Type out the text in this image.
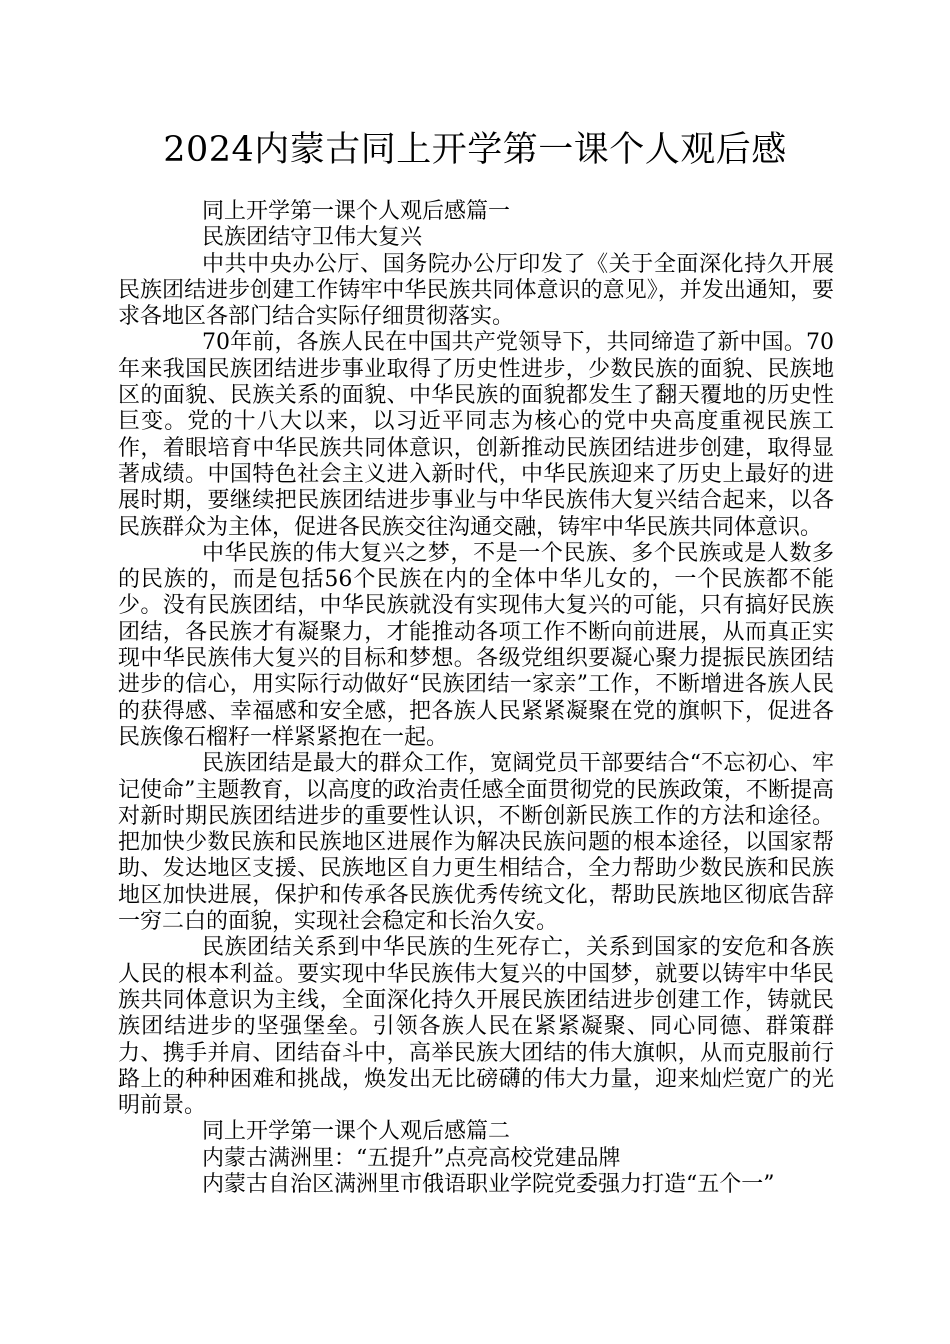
2024内蒙古同上开学第一课个人观后感

同上开学第一课个人观后感篇一

民族团结守卫伟大复兴

中共中央办公厅、国务院办公厅印发了《关于全面深化持久开展民族团结进步创建工作铸牢中华民族共同体意识的意见》，并发出通知，要求各地区各部门结合实际仔细贯彻落实。

70年前，各族人民在中国共产党领导下，共同缔造了新中国。70年来我国民族团结进步事业取得了历史性进步，少数民族的面貌、民族地区的面貌、民族关系的面貌、中华民族的面貌都发生了翻天覆地的历史性巨变。党的十八大以来，以习近平同志为核心的党中央高度重视民族工作，着眼培育中华民族共同体意识，创新推动民族团结进步创建，取得显著成绩。中国特色社会主义进入新时代，中华民族迎来了历史上最好的进展时期，要继续把民族团结进步事业与中华民族伟大复兴结合起来，以各民族群众为主体，促进各民族交往沟通交融，铸牢中华民族共同体意识。

中华民族的伟大复兴之梦，不是一个民族、多个民族或是人数多的民族的，而是包括56个民族在内的全体中华儿女的，一个民族都不能少。没有民族团结，中华民族就没有实现伟大复兴的可能，只有搞好民族团结，各民族才有凝聚力，才能推动各项工作不断向前进展，从而真正实现中华民族伟大复兴的目标和梦想。各级党组织要凝心聚力提振民族团结进步的信心，用实际行动做好“民族团结一家亲”工作，不断增进各族人民的获得感、幸福感和安全感，把各族人民紧紧凝聚在党的旗帜下，促进各民族像石榴籽一样紧紧抱在一起。

民族团结是最大的群众工作，宽阔党员干部要结合“不忘初心、牢记使命”主题教育，以高度的政治责任感全面贯彻党的民族政策，不断提高对新时期民族团结进步的重要性认识，不断创新民族工作的方法和途径。把加快少数民族和民族地区进展作为解决民族问题的根本途径，以国家帮助、发达地区支援、民族地区自力更生相结合，全力帮助少数民族和民族地区加快进展，保护和传承各民族优秀传统文化，帮助民族地区彻底告辞一穷二白的面貌，实现社会稳定和长治久安。

民族团结关系到中华民族的生死存亡，关系到国家的安危和各族人民的根本利益。要实现中华民族伟大复兴的中国梦，就要以铸牢中华民族共同体意识为主线，全面深化持久开展民族团结进步创建工作，铸就民族团结进步的坚强堡垒。引领各族人民在紧紧凝聚、同心同德、群策群力、携手并肩、团结奋斗中，高举民族大团结的伟大旗帜，从而克服前行路上的种种困难和挑战，焕发出无比磅礴的伟大力量，迎来灿烂宽广的光明前景。

同上开学第一课个人观后感篇二

内蒙古满洲里：“五提升”点亮高校党建品牌

内蒙古自治区满洲里市俄语职业学院党委强力打造“五个一”
